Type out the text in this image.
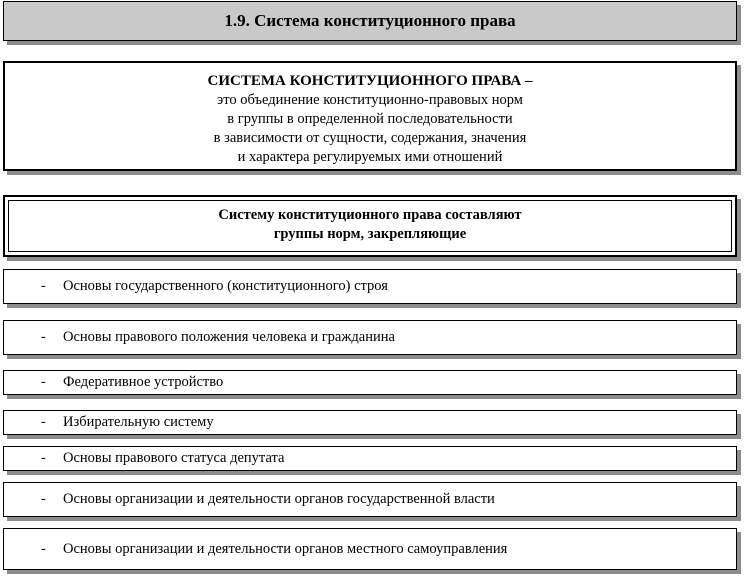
1.9. Система конституционного права
СИСТЕМА КОНСТИТУЦИОННОГО ПРАВА –
это объединение конституционно-правовых норм
в группы в определенной последовательности
в зависимости от сущности, содержания, значения
и характера регулируемых ими отношений
Систему конституционного права составляют
группы норм, закрепляющие
- Основы государственного (конституционного) строя
- Основы правового положения человека и гражданина
- Федеративное устройство
- Избирательную систему
- Основы правового статуса депутата
- Основы организации и деятельности органов государственной власти
- Основы организации и деятельности органов местного самоуправления
